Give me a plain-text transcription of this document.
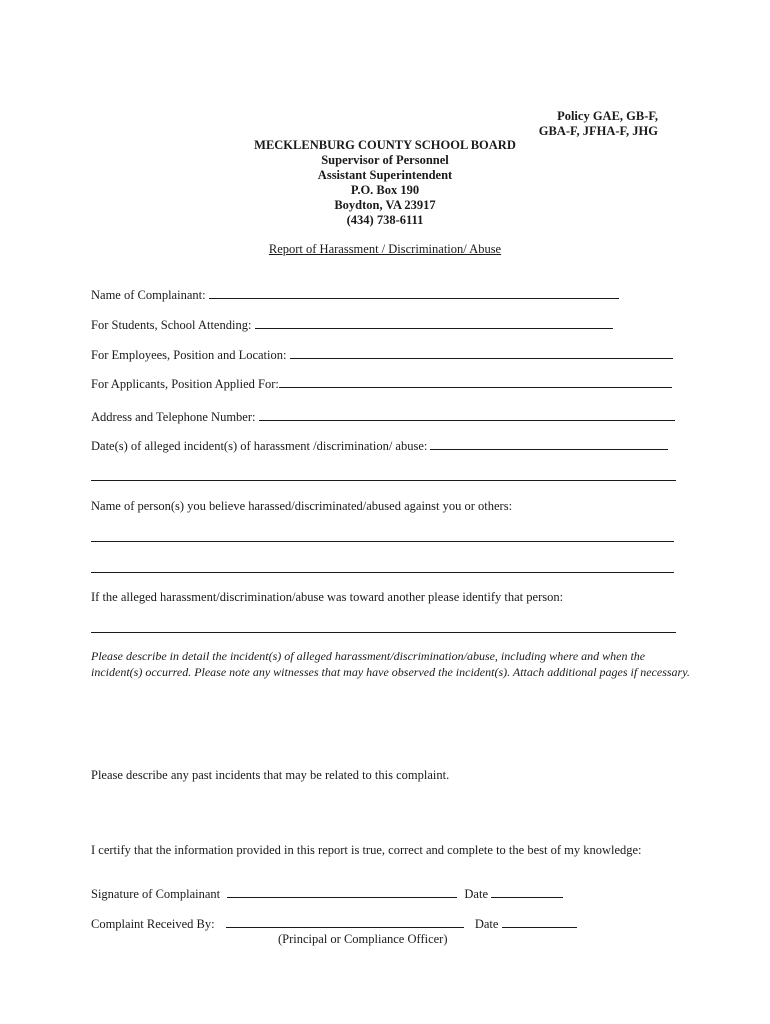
Policy GAE, GB-F,
GBA-F, JFHA-F, JHG
MECKLENBURG COUNTY SCHOOL BOARD
Supervisor of Personnel
Assistant Superintendent
P.O. Box 190
Boydton, VA 23917
(434) 738-6111
Report of Harassment / Discrimination/ Abuse
Name of Complainant:
For Students, School Attending:
For Employees, Position and Location:
For Applicants, Position Applied For:
Address and Telephone Number:
Date(s) of alleged incident(s) of harassment /discrimination/ abuse:
Name of person(s) you believe harassed/discriminated/abused against you or others:
If the alleged harassment/discrimination/abuse was toward another please identify that person:
Please describe in detail the incident(s) of alleged harassment/discrimination/abuse, including where and when the incident(s) occurred. Please note any witnesses that may have observed the incident(s). Attach additional pages if necessary.
Please describe any past incidents that may be related to this complaint.
I certify that the information provided in this report is true, correct and complete to the best of my knowledge:
Signature of Complainant	Date
Complaint Received By:	Date
(Principal or Compliance Officer)
